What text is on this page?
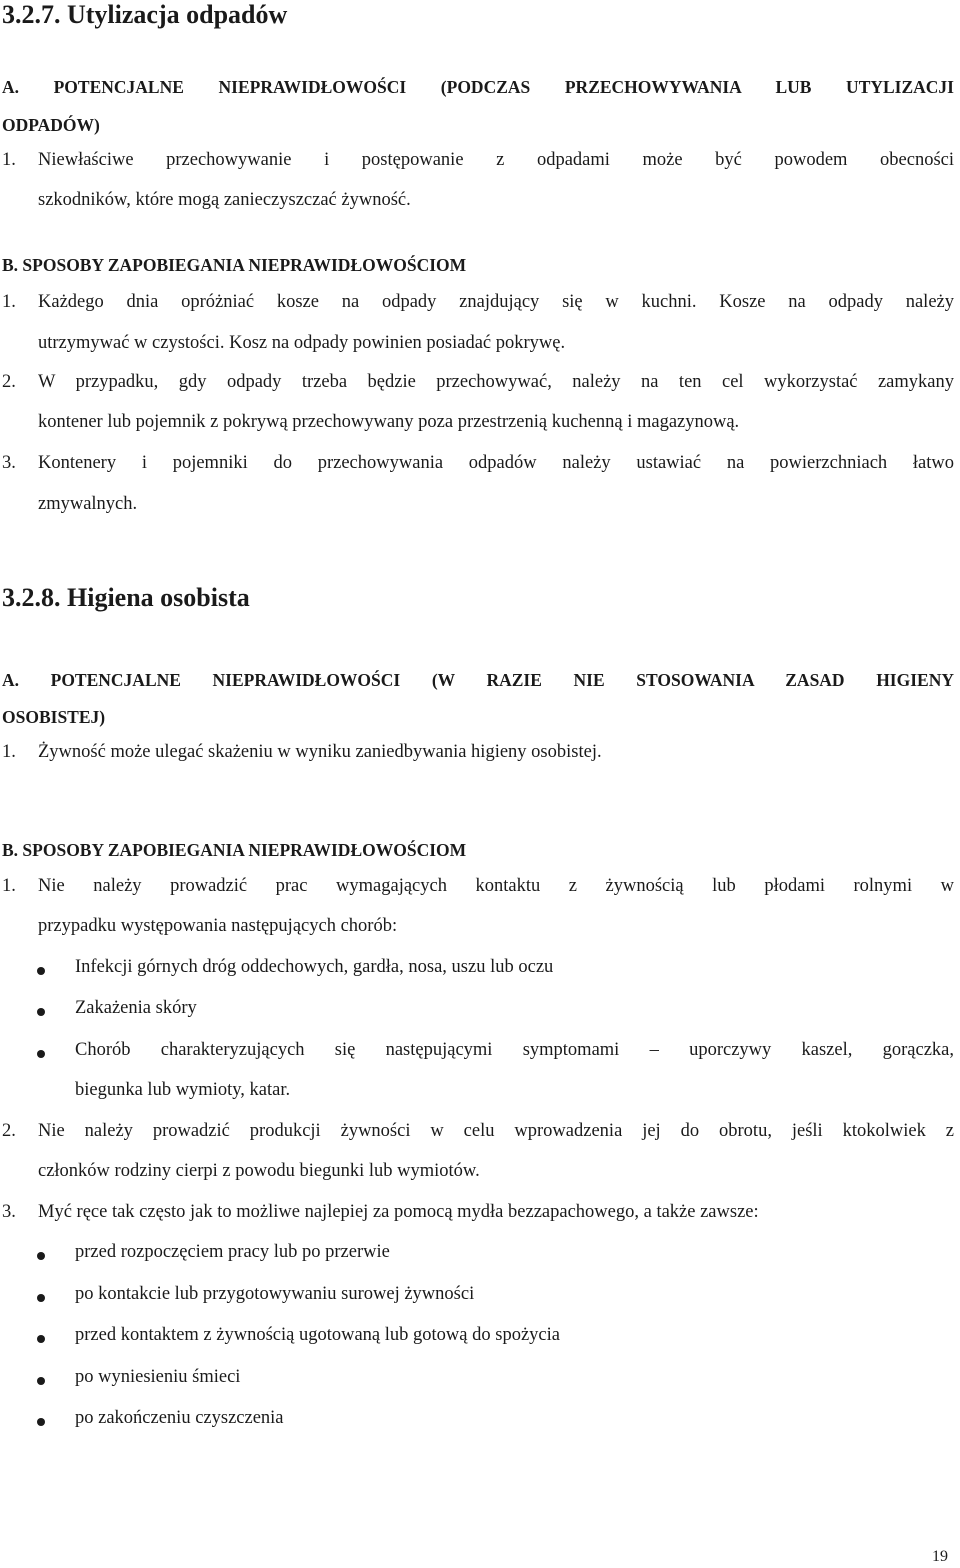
3.2.7. Utylizacja odpadów
A. POTENCJALNE NIEPRAWIDŁOWOŚCI (PODCZAS PRZECHOWYWANIA LUB UTYLIZACJI
ODPADÓW)
1. Niewłaściwe przechowywanie i postępowanie z odpadami może być powodem obecności
szkodników, które mogą zanieczyszczać żywność.
B. SPOSOBY ZAPOBIEGANIA NIEPRAWIDŁOWOŚCIOM
1. Każdego dnia opróżniać kosze na odpady znajdujący się w kuchni. Kosze na odpady należy
utrzymywać w czystości. Kosz na odpady powinien posiadać pokrywę.
2. W przypadku, gdy odpady trzeba będzie przechowywać, należy na ten cel wykorzystać zamykany
kontener lub pojemnik z pokrywą przechowywany poza przestrzenią kuchenną i magazynową.
3. Kontenery i pojemniki do przechowywania odpadów należy ustawiać na powierzchniach łatwo
zmywalnych.
3.2.8. Higiena osobista
A. POTENCJALNE NIEPRAWIDŁOWOŚCI (W RAZIE NIE STOSOWANIA ZASAD HIGIENY
OSOBISTEJ)
1. Żywność może ulegać skażeniu w wyniku zaniedbywania higieny osobistej.
B. SPOSOBY ZAPOBIEGANIA NIEPRAWIDŁOWOŚCIOM
1. Nie należy prowadzić prac wymagających kontaktu z żywnością lub płodami rolnymi w
przypadku występowania następujących chorób:
Infekcji górnych dróg oddechowych, gardła, nosa, uszu lub oczu
Zakażenia skóry
Chorób charakteryzujących się następującymi symptomami – uporczywy kaszel, gorączka,
biegunka lub wymioty, katar.
2. Nie należy prowadzić produkcji żywności w celu wprowadzenia jej do obrotu, jeśli ktokolwiek z
członków rodziny cierpi z powodu biegunki lub wymiotów.
3. Myć ręce tak często jak to możliwe najlepiej za pomocą mydła bezzapachowego, a także zawsze:
przed rozpoczęciem pracy lub po przerwie
po kontakcie lub przygotowywaniu surowej żywności
przed kontaktem z żywnością ugotowaną lub gotową do spożycia
po wyniesieniu śmieci
po zakończeniu czyszczenia
19
